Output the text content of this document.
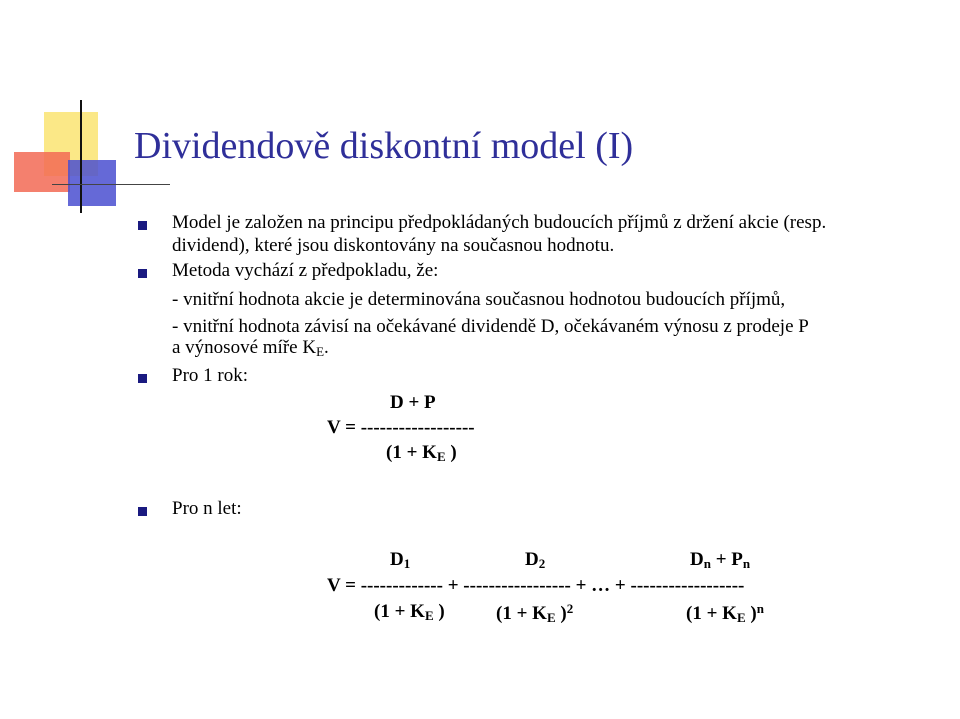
Dividendově diskontní model (I)
Model je založen na principu předpokládaných budoucích příjmů z držení akcie (resp.
dividend), které jsou diskontovány na současnou hodnotu.
Metoda vychází z předpokladu, že:
- vnitřní hodnota akcie je determinována současnou hodnotou budoucích příjmů,
- vnitřní hodnota závisí na očekávané dividendě D, očekávaném výnosu z prodeje P
a výnosové míře $K_E$.
Pro 1 rok:
D + P
V = ------------------
($1 + K_E$ )
Pro n let:
$D_1$	$D_2$	$D_n + P_n$
V = ------------- + ----------------- + … + ------------------
($1 + K_E$ )	($1 + K_E$ )$^2$	($1 + K_E$ )$^n$
